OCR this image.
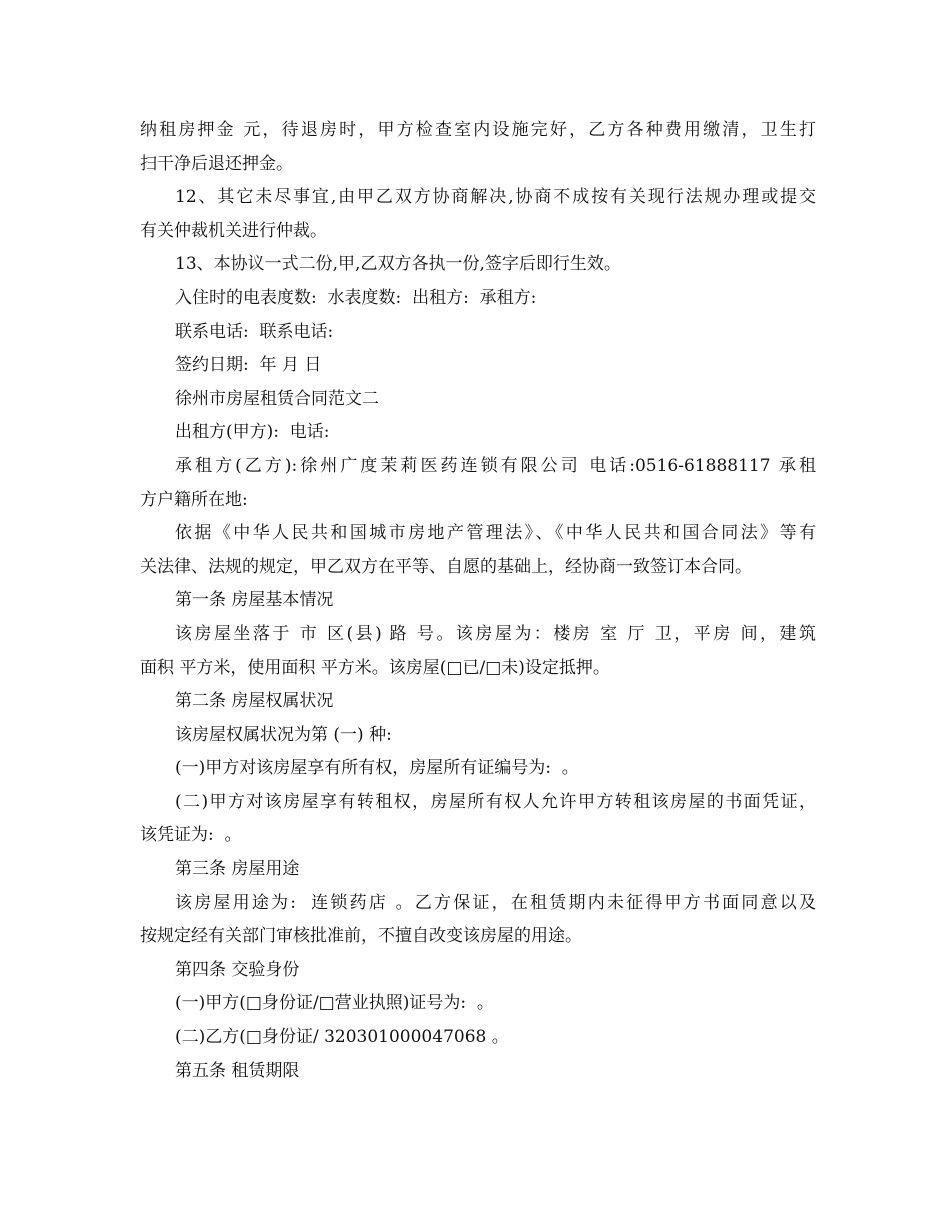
纳租房押金 元，待退房时，甲方检查室内设施完好，乙方各种费用缴清，卫生打
扫干净后退还押金。
12、其它未尽事宜,由甲乙双方协商解决,协商不成按有关现行法规办理或提交
有关仲裁机关进行仲裁。
13、本协议一式二份,甲,乙双方各执一份,签字后即行生效。
入住时的电表度数:  水表度数:  出租方:  承租方:
联系电话:  联系电话:
签约日期:  年 月 日
徐州市房屋租赁合同范文二
出租方(甲方):  电话:
承租方(乙方):徐州广度茉莉医药连锁有限公司 电话:0516-61888117 承租
方户籍所在地:
依据《中华人民共和国城市房地产管理法》、《中华人民共和国合同法》等有
关法律、法规的规定，甲乙双方在平等、自愿的基础上，经协商一致签订本合同。
第一条 房屋基本情况
该房屋坐落于 市 区(县) 路 号。该房屋为：楼房 室 厅 卫，平房 间，建筑
面积 平方米，使用面积 平方米。该房屋(□已/□未)设定抵押。
第二条 房屋权属状况
该房屋权属状况为第 (一) 种:
(一)甲方对该房屋享有所有权，房屋所有证编号为:  。
(二)甲方对该房屋享有转租权，房屋所有权人允许甲方转租该房屋的书面凭证，
该凭证为:  。
第三条 房屋用途
该房屋用途为:  连锁药店 。乙方保证，在租赁期内未征得甲方书面同意以及
按规定经有关部门审核批准前，不擅自改变该房屋的用途。
第四条 交验身份
(一)甲方(□身份证/□营业执照)证号为:  。
(二)乙方(□身份证/ 320301000047068 。
第五条 租赁期限
